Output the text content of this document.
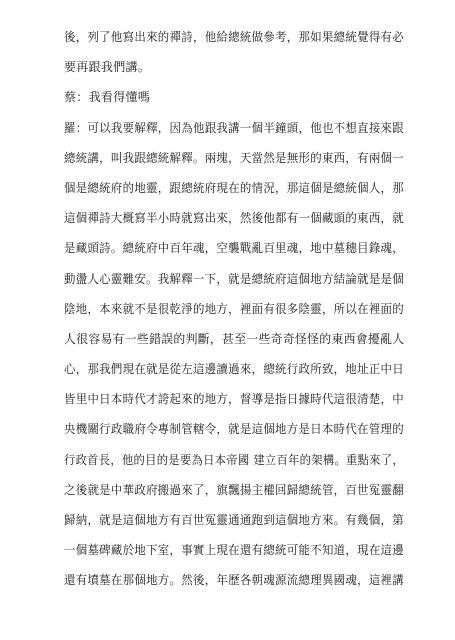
後，列了他寫出來的禪詩，他給總統做參考，那如果總統覺得有必
要再跟我們講。
蔡：我看得懂嗎
羅：可以我要解釋，因為他跟我講一個半鐘頭，他也不想直接來跟
總統講，叫我跟總統解釋。兩塊，天當然是無形的東西，有兩個一
個是總統府的地靈，跟總統府現在的情況，那這個是總統個人，那
這個禪詩大概寫半小時就寫出來，然後他都有一個藏頭的東西，就
是藏頭詩。總統府中百年魂，空襲戰亂百里魂，地中墓穗目錄魂，
動盪人心靈難安。我解釋一下，就是總統府這個地方結論就是是個
陰地，本來就不是很乾淨的地方，裡面有很多陰靈，所以在裡面的
人很容易有一些錯誤的判斷，甚至一些奇奇怪怪的東西會擾亂人
心，那我們現在就是從左這邊讀過來，總統行政所致，地址正中日
皆里中日本時代才誇起來的地方，督導是指日據時代這很清楚，中
央機關行政職府令專制管轄令，就是這個地方是日本時代在管理的
行政首長，他的目的是要為日本帝國 建立百年的架構。重點來了，
之後就是中華政府搬過來了，旗飄揚主權回歸總統管，百世冤靈翻
歸納，就是這個地方有百世冤靈通通跑到這個地方來。有幾個，第
一個墓碑藏於地下室，事實上現在還有總統可能不知道，現在這邊
還有墳墓在那個地方。然後，年歷各朝魂源流總理異國魂，這裡講
